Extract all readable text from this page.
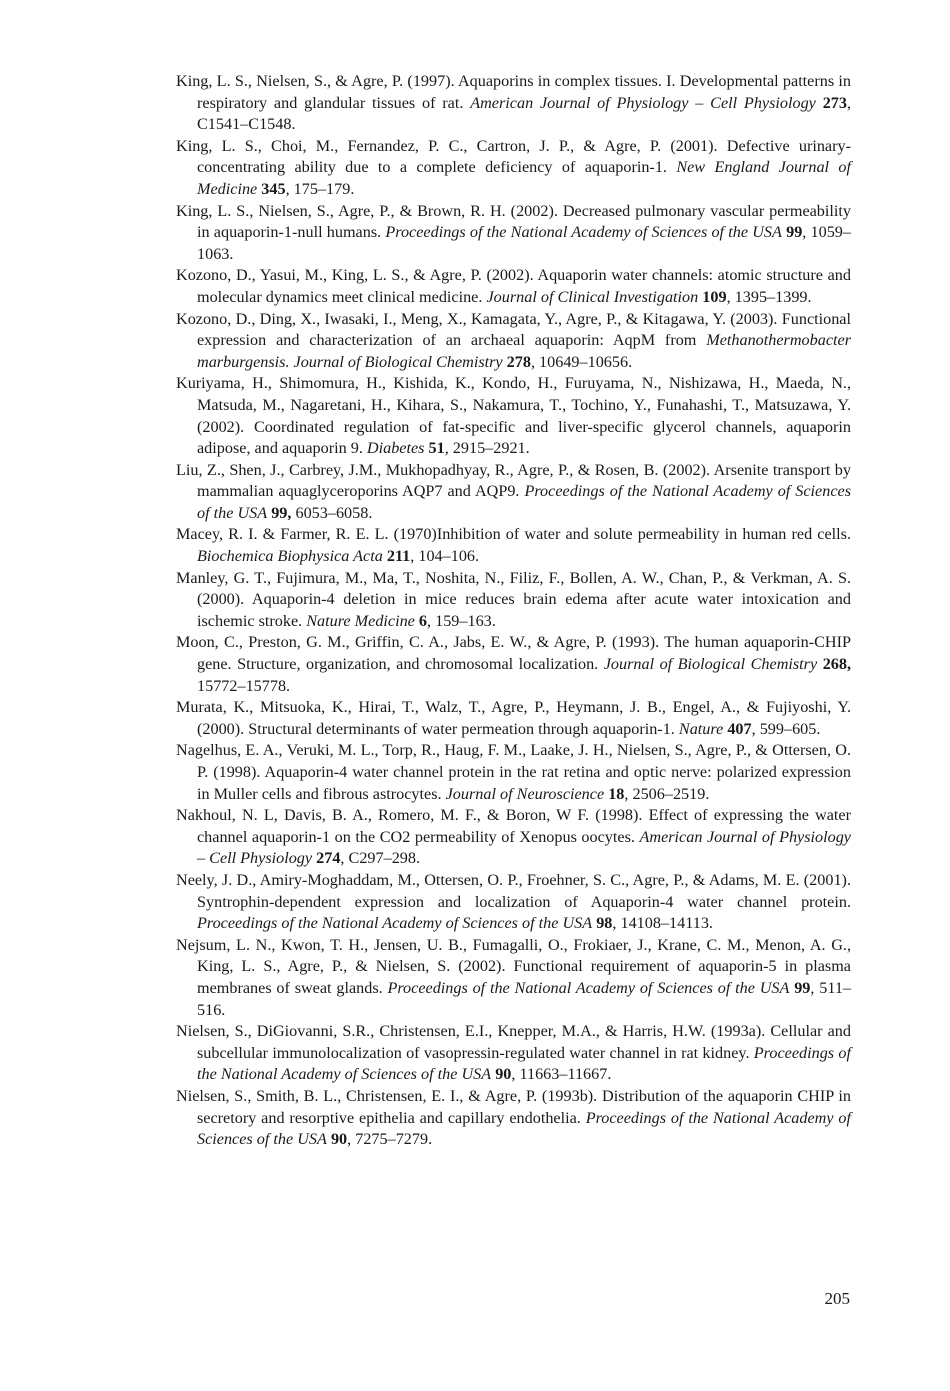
King, L. S., Nielsen, S., & Agre, P. (1997). Aquaporins in complex tissues. I. Developmental patterns in respiratory and glandular tissues of rat. American Journal of Physiology – Cell Physiology 273, C1541–C1548.

King, L. S., Choi, M., Fernandez, P. C., Cartron, J. P., & Agre, P. (2001). Defective urinary-concentrating ability due to a complete deficiency of aquaporin-1. New England Journal of Medicine 345, 175–179.

King, L. S., Nielsen, S., Agre, P., & Brown, R. H. (2002). Decreased pulmonary vascular permeability in aquaporin-1-null humans. Proceedings of the National Academy of Sciences of the USA 99, 1059–1063.

Kozono, D., Yasui, M., King, L. S., & Agre, P. (2002). Aquaporin water channels: atomic structure and molecular dynamics meet clinical medicine. Journal of Clinical Investigation 109, 1395–1399.

Kozono, D., Ding, X., Iwasaki, I., Meng, X., Kamagata, Y., Agre, P., & Kitagawa, Y. (2003). Functional expression and characterization of an archaeal aquaporin: AqpM from Methanothermobacter marburgensis. Journal of Biological Chemistry 278, 10649–10656.

Kuriyama, H., Shimomura, H., Kishida, K., Kondo, H., Furuyama, N., Nishizawa, H., Maeda, N., Matsuda, M., Nagaretani, H., Kihara, S., Nakamura, T., Tochino, Y., Funahashi, T., Matsuzawa, Y. (2002). Coordinated regulation of fat-specific and liver-specific glycerol channels, aquaporin adipose, and aquaporin 9. Diabetes 51, 2915–2921.

Liu, Z., Shen, J., Carbrey, J.M., Mukhopadhyay, R., Agre, P., & Rosen, B. (2002). Arsenite transport by mammalian aquaglyceroporins AQP7 and AQP9. Proceedings of the National Academy of Sciences of the USA 99, 6053–6058.

Macey, R. I. & Farmer, R. E. L. (1970)Inhibition of water and solute permeability in human red cells. Biochemica Biophysica Acta 211, 104–106.

Manley, G. T., Fujimura, M., Ma, T., Noshita, N., Filiz, F., Bollen, A. W., Chan, P., & Verkman, A. S. (2000). Aquaporin-4 deletion in mice reduces brain edema after acute water intoxication and ischemic stroke. Nature Medicine 6, 159–163.

Moon, C., Preston, G. M., Griffin, C. A., Jabs, E. W., & Agre, P. (1993). The human aquaporin-CHIP gene. Structure, organization, and chromosomal localization. Journal of Biological Chemistry 268, 15772–15778.

Murata, K., Mitsuoka, K., Hirai, T., Walz, T., Agre, P., Heymann, J. B., Engel, A., & Fujiyoshi, Y. (2000). Structural determinants of water permeation through aquaporin-1. Nature 407, 599–605.

Nagelhus, E. A., Veruki, M. L., Torp, R., Haug, F. M., Laake, J. H., Nielsen, S., Agre, P., & Ottersen, O. P. (1998). Aquaporin-4 water channel protein in the rat retina and optic nerve: polarized expression in Muller cells and fibrous astrocytes. Journal of Neuroscience 18, 2506–2519.

Nakhoul, N. L, Davis, B. A., Romero, M. F., & Boron, W F. (1998). Effect of expressing the water channel aquaporin-1 on the CO2 permeability of Xenopus oocytes. American Journal of Physiology – Cell Physiology 274, C297–298.

Neely, J. D., Amiry-Moghaddam, M., Ottersen, O. P., Froehner, S. C., Agre, P., & Adams, M. E. (2001). Syntrophin-dependent expression and localization of Aquaporin-4 water channel protein. Proceedings of the National Academy of Sciences of the USA 98, 14108–14113.

Nejsum, L. N., Kwon, T. H., Jensen, U. B., Fumagalli, O., Frokiaer, J., Krane, C. M., Menon, A. G., King, L. S., Agre, P., & Nielsen, S. (2002). Functional requirement of aquaporin-5 in plasma membranes of sweat glands. Proceedings of the National Academy of Sciences of the USA 99, 511–516.

Nielsen, S., DiGiovanni, S.R., Christensen, E.I., Knepper, M.A., & Harris, H.W. (1993a). Cellular and subcellular immunolocalization of vasopressin-regulated water channel in rat kidney. Proceedings of the National Academy of Sciences of the USA 90, 11663–11667.

Nielsen, S., Smith, B. L., Christensen, E. I., & Agre, P. (1993b). Distribution of the aquaporin CHIP in secretory and resorptive epithelia and capillary endothelia. Proceedings of the National Academy of Sciences of the USA 90, 7275–7279.

205
